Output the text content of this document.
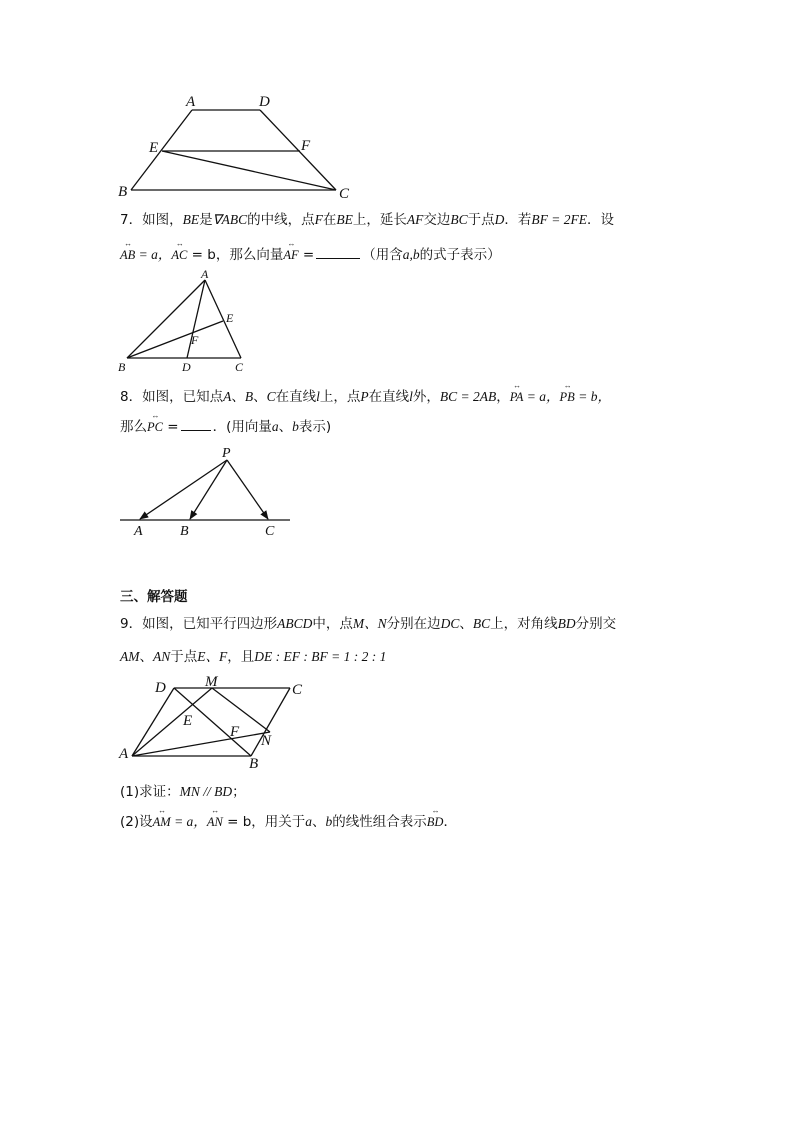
A	D
E	F
B	C
7．如图，BE是∇ABC的中线，点F在BE上，延长AF交边BC于点D．若BF = 2FE．设
↔ AB = a，↔ AC = b，那么向量↔ AF =	（用含a,b的式子表示）
A
E
F
B	D	C
8．如图，已知点A、B、C在直线l上，点P在直线l外，BC = 2AB，↔ PA = a，↔ PB = b，
那么↔ PC =	．(用向量a、b表示)
P
A	B	C
三、解答题
9．如图，已知平行四边形ABCD中，点M、N分别在边DC、BC上，对角线BD分别交
AM、AN于点E、F，且DE : EF : BF = 1 : 2 : 1
D	M	C
E
F
N
A
B
(1)求证：MN // BD；
(2)设↔ AM = a，↔ AN = b，用关于a、b的线性组合表示↔ BD．
